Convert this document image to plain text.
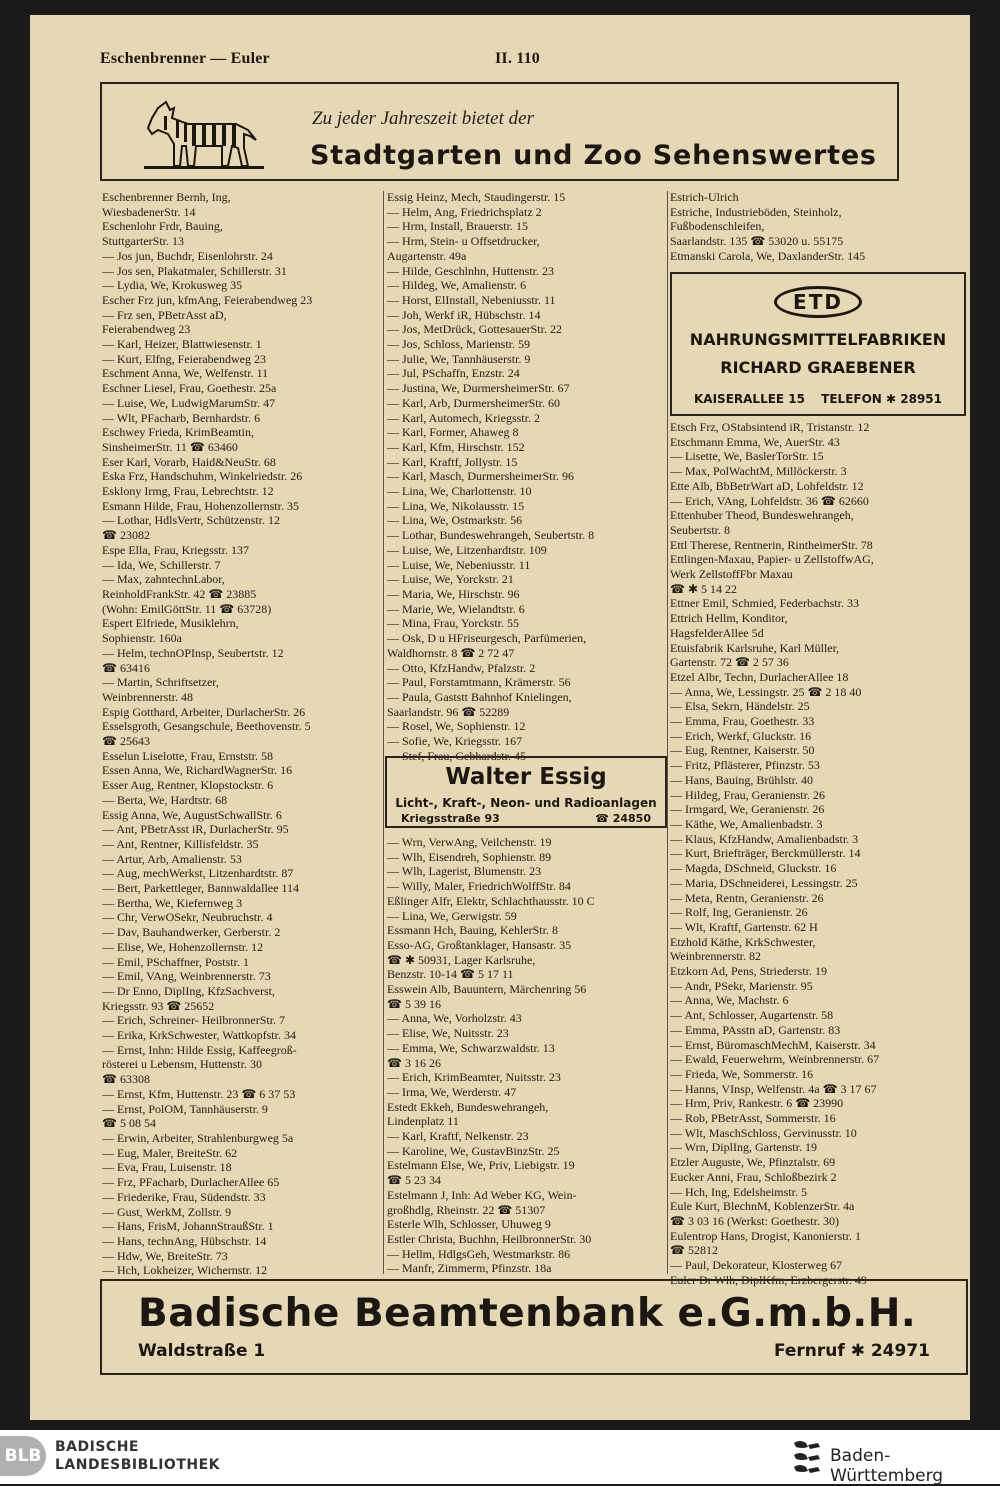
Eschenbrenner — Euler	II. 110
Zu jeder Jahreszeit bietet der
Stadtgarten und Zoo Sehenswertes
Eschenbrenner Bernh, Ing,
WiesbadenerStr. 14
Eschenlohr Frdr, Bauing,
StuttgarterStr. 13
— Jos jun, Buchdr, Eisenlohrstr. 24
— Jos sen, Plakatmaler, Schillerstr. 31
— Lydia, We, Krokusweg 35
Escher Frz jun, kfmAng, Feierabendweg 23
— Frz sen, PBetrAsst aD,
Feierabendweg 23
— Karl, Heizer, Blattwiesenstr. 1
— Kurt, Elfng, Feierabendweg 23
Eschment Anna, We, Welfenstr. 11
Eschner Liesel, Frau, Goethestr. 25a
— Luise, We, LudwigMarumStr. 47
— Wlt, PFacharb, Bernhardstr. 6
Eschwey Frieda, KrimBeamtin,
SinsheimerStr. 11 ☎ 63460
Eser Karl, Vorarb, Haid&NeuStr. 68
Eska Frz, Handschuhm, Winkelriedstr. 26
Esklony Irmg, Frau, Lebrechtstr. 12
Esmann Hilde, Frau, Hohenzollernstr. 35
— Lothar, HdlsVertr, Schützenstr. 12
☎ 23082
Espe Ella, Frau, Kriegsstr. 137
— Ida, We, Schillerstr. 7
— Max, zahntechnLabor,
ReinholdFrankStr. 42 ☎ 23885
(Wohn: EmilGöttStr. 11 ☎ 63728)
Espert Elfriede, Musiklehrn,
Sophienstr. 160a
— Helm, technOPInsp, Seubertstr. 12
☎ 63416
— Martin, Schriftsetzer,
Weinbrennerstr. 48
Espig Gotthard, Arbeiter, DurlacherStr. 26
Esselsgroth, Gesangschule, Beethovenstr. 5
☎ 25643
Esselun Liselotte, Frau, Ernststr. 58
Essen Anna, We, RichardWagnerStr. 16
Esser Aug, Rentner, Klopstockstr. 6
— Berta, We, Hardtstr. 68
Essig Anna, We, AugustSchwallStr. 6
— Ant, PBetrAsst iR, DurlacherStr. 95
— Ant, Rentner, Killisfeldstr. 35
— Artur, Arb, Amalienstr. 53
— Aug, mechWerkst, Litzenhardtstr. 87
— Bert, Parkettleger, Bannwaldallee 114
— Bertha, We, Kiefernweg 3
— Chr, VerwOSekr, Neubruchstr. 4
— Dav, Bauhandwerker, Gerberstr. 2
— Elise, We, Hohenzollernstr. 12
— Emil, PSchaffner, Poststr. 1
— Emil, VAng, Weinbrennerstr. 73
— Dr Enno, DiplIng, KfzSachverst,
Kriegsstr. 93 ☎ 25652
— Erich, Schreiner- HeilbronnerStr. 7
— Erika, KrkSchwester, Wattkopfstr. 34
— Ernst, Inhn: Hilde Essig, Kaffeegroß-
rösterei u Lebensm, Huttenstr. 30
☎ 63308
— Ernst, Kfm, Huttenstr. 23 ☎ 6 37 53
— Ernst, PolOM, Tannhäuserstr. 9
☎ 5 08 54
— Erwin, Arbeiter, Strahlenburgweg 5a
— Eug, Maler, BreiteStr. 62
— Eva, Frau, Luisenstr. 18
— Frz, PFacharb, DurlacherAllee 65
— Friederike, Frau, Südendstr. 33
— Gust, WerkM, Zollstr. 9
— Hans, FrisM, JohannStraußStr. 1
— Hans, technAng, Hübschstr. 14
— Hdw, We, BreiteStr. 73
— Hch, Lokheizer, Wichernstr. 12
Essig Heinz, Mech, Staudingerstr. 15
— Helm, Ang, Friedrichsplatz 2
— Hrm, Install, Brauerstr. 15
— Hrm, Stein- u Offsetdrucker,
Augartenstr. 49a
— Hilde, Geschlnhn, Huttenstr. 23
— Hildeg, We, Amalienstr. 6
— Horst, ElInstall, Nebeniusstr. 11
— Joh, Werkf iR, Hübschstr. 14
— Jos, MetDrück, GottesauerStr. 22
— Jos, Schloss, Marienstr. 59
— Julie, We, Tannhäuserstr. 9
— Jul, PSchaffn, Enzstr. 24
— Justina, We, DurmersheimerStr. 67
— Karl, Arb, DurmersheimerStr. 60
— Karl, Automech, Kriegsstr. 2
— Karl, Former, Ahaweg 8
— Karl, Kfm, Hirschstr. 152
— Karl, Kraftf, Jollystr. 15
— Karl, Masch, DurmersheimerStr. 96
— Lina, We, Charlottenstr. 10
— Lina, We, Nikolausstr. 15
— Lina, We, Ostmarkstr. 56
— Lothar, Bundeswehrangeh, Seubertstr. 8
— Luise, We, Litzenhardtstr. 109
— Luise, We, Nebeniusstr. 11
— Luise, We, Yorckstr. 21
— Maria, We, Hirschstr. 96
— Marie, We, Wielandtstr. 6
— Mina, Frau, Yorckstr. 55
— Osk, D u HFriseurgesch, Parfümerien,
Waldhornstr. 8 ☎ 2 72 47
— Otto, KfzHandw, Pfalzstr. 2
— Paul, Forstamtmann, Krämerstr. 56
— Paula, Gaststt Bahnhof Knielingen,
Saarlandstr. 96 ☎ 52289
— Rosel, We, Sophienstr. 12
— Sofie, We, Kriegsstr. 167
— Stef, Frau, Gebhardstr. 45
Walter Essig
Licht-, Kraft-, Neon- und Radioanlagen
Kriegsstraße 93	☎ 24850
— Wrn, VerwAng, Veilchenstr. 19
— Wlh, Eisendreh, Sophienstr. 89
— Wlh, Lagerist, Blumenstr. 23
— Willy, Maler, FriedrichWolffStr. 84
Eßlinger Alfr, Elektr, Schlachthausstr. 10 C
— Lina, We, Gerwigstr. 59
Essmann Hch, Bauing, KehlerStr. 8
Esso-AG, Großtanklager, Hansastr. 35
☎ ✱ 50931, Lager Karlsruhe,
Benzstr. 10-14 ☎ 5 17 11
Esswein Alb, Bauuntern, Märchenring 56
☎ 5 39 16
— Anna, We, Vorholzstr. 43
— Elise, We, Nuitsstr. 23
— Emma, We, Schwarzwaldstr. 13
☎ 3 16 26
— Erich, KrimBeamter, Nuitsstr. 23
— Irma, We, Werderstr. 47
Estedt Ekkeh, Bundeswehrangeh,
Lindenplatz 11
— Karl, Kraftf, Nelkenstr. 23
— Karoline, We, GustavBinzStr. 25
Estelmann Else, We, Priv, Liebigstr. 19
☎ 5 23 34
Estelmann J, Inh: Ad Weber KG, Wein-
großhdlg, Rheinstr. 22 ☎ 51307
Esterle Wlh, Schlosser, Uhuweg 9
Estler Christa, Buchhn, HeilbronnerStr. 30
— Hellm, HdlgsGeh, Westmarkstr. 86
— Manfr, Zimmerm, Pfinzstr. 18a
Estrich-Ulrich
Estriche, Industrieböden, Steinholz,
Fußbodenschleifen,
Saarlandstr. 135 ☎ 53020 u. 55175
Etmanski Carola, We, DaxlanderStr. 145
ETD
NAHRUNGSMITTELFABRIKEN
RICHARD GRAEBENER
KAISERALLEE 15 TELEFON ✱ 28951
Etsch Frz, OStabsintend iR, Tristanstr. 12
Etschmann Emma, We, AuerStr. 43
— Lisette, We, BaslerTorStr. 15
— Max, PolWachtM, Millöckerstr. 3
Ette Alb, BbBetrWart aD, Lohfeldstr. 12
— Erich, VAng, Lohfeldstr. 36 ☎ 62660
Ettenhuber Theod, Bundeswehrangeh,
Seubertstr. 8
Ettl Therese, Rentnerin, RintheimerStr. 78
Ettlingen-Maxau, Papier- u ZellstoffwAG,
Werk ZellstoffFbr Maxau
☎ ✱ 5 14 22
Ettner Emil, Schmied, Federbachstr. 33
Ettrich Hellm, Konditor,
HagsfelderAllee 5d
Etuisfabrik Karlsruhe, Karl Müller,
Gartenstr. 72 ☎ 2 57 36
Etzel Albr, Techn, DurlacherAllee 18
— Anna, We, Lessingstr. 25 ☎ 2 18 40
— Elsa, Sekrn, Händelstr. 25
— Emma, Frau, Goethestr. 33
— Erich, Werkf, Gluckstr. 16
— Eug, Rentner, Kaiserstr. 50
— Fritz, Pflästerer, Pfinzstr. 53
— Hans, Bauing, Brühlstr. 40
— Hildeg, Frau, Geranienstr. 26
— Irmgard, We, Geranienstr. 26
— Käthe, We, Amalienbadstr. 3
— Klaus, KfzHandw, Amalienbadstr. 3
— Kurt, Briefträger, Berckmüllerstr. 14
— Magda, DSchneid, Gluckstr. 16
— Maria, DSchneiderei, Lessingstr. 25
— Meta, Rentn, Geranienstr. 26
— Rolf, Ing, Geranienstr. 26
— Wlt, Kraftf, Gartenstr. 62 H
Etzhold Käthe, KrkSchwester,
Weinbrennerstr. 82
Etzkorn Ad, Pens, Striederstr. 19
— Andr, PSekr, Marienstr. 95
— Anna, We, Machstr. 6
— Ant, Schlosser, Augartenstr. 58
— Emma, PAsstn aD, Gartenstr. 83
— Ernst, BüromaschMechM, Kaiserstr. 34
— Ewald, Feuerwehrm, Weinbrennerstr. 67
— Frieda, We, Sommerstr. 16
— Hanns, VInsp, Welfenstr. 4a ☎ 3 17 67
— Hrm, Priv, Rankestr. 6 ☎ 23990
— Rob, PBetrAsst, Sommerstr. 16
— Wlt, MaschSchloss, Gervinusstr. 10
— Wrn, DiplIng, Gartenstr. 19
Etzler Auguste, We, Pfinztalstr. 69
Eucker Anni, Frau, Schloßbezirk 2
— Hch, Ing, Edelsheimstr. 5
Eule Kurt, BlechnM, KoblenzerStr. 4a
☎ 3 03 16 (Werkst: Goethestr. 30)
Eulentrop Hans, Drogist, Kanonierstr. 1
☎ 52812
— Paul, Dekorateur, Klosterweg 67
Euler Dr Wlh, DiplKfm, Erzbergerstr. 49
Badische Beamtenbank e.G.m.b.H.
Waldstraße 1	Fernruf ✱ 24971
BLB BADISCHE
LANDESBIBLIOTHEK	Baden-Württemberg
